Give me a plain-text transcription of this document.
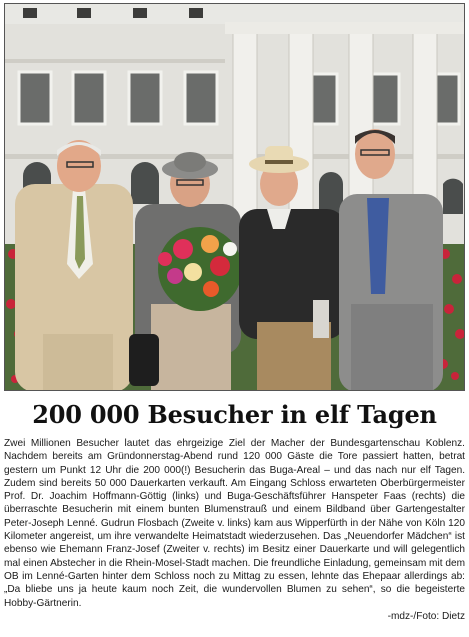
200 000 Besucher in elf Tagen

Zwei Millionen Besucher lautet das ehrgeizige Ziel der Macher der Bundesgartenschau Koblenz. Nachdem bereits am Gründonnerstag-Abend rund 120 000 Gäste die Tore passiert hatten, betrat gestern um Punkt 12 Uhr die 200 000(!) Besucherin das Buga-Areal – und das nach nur elf Tagen. Zudem sind bereits 50 000 Dauerkarten verkauft. Am Eingang Schloss erwarteten Oberbürgermeister Prof. Dr. Joachim Hoffmann-Göttig (links) und Buga-Geschäftsführer Hanspeter Faas (rechts) die überraschte Besucherin mit einem bunten Blumenstrauß und einem Bildband über Gartengestalter Peter-Joseph Lenné. Gudrun Flosbach (Zweite v. links) kam aus Wipperfürth in der Nähe von Köln 120 Kilometer angereist, um ihre verwandelte Heimatstadt wiederzusehen. Das „Neuendorfer Mädchen“ ist ebenso wie Ehemann Franz-Josef (Zweiter v. rechts) im Besitz einer Dauerkarte und will gelegentlich mal einen Abstecher in die Rhein-Mosel-Stadt machen. Die freundliche Einladung, gemeinsam mit dem OB im Lenné-Garten hinter dem Schloss noch zu Mittag zu essen, lehnte das Ehepaar allerdings ab: „Da bliebe uns ja heute kaum noch Zeit, die wundervollen Blumen zu sehen“, so die begeisterte Hobby-Gärtnerin.

-mdz-/Foto: Dietz
